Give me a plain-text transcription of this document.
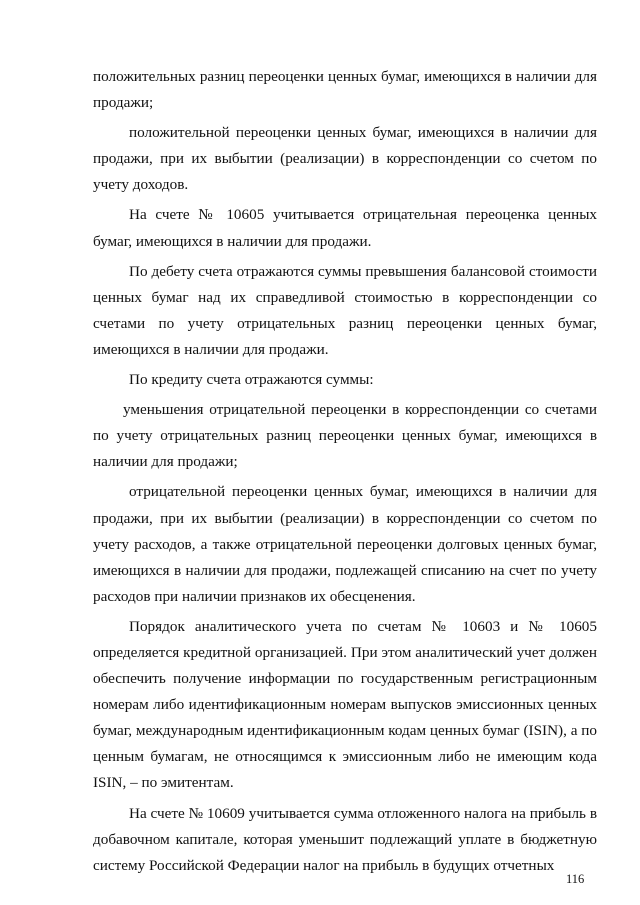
положительных разниц переоценки ценных бумаг, имеющихся в наличии для продажи;

положительной переоценки ценных бумаг, имеющихся в наличии для продажи, при их выбытии (реализации) в корреспонденции со счетом по учету доходов.

На счете № 10605 учитывается отрицательная переоценка ценных бумаг, имеющихся в наличии для продажи.

По дебету счета отражаются суммы превышения балансовой стоимости ценных бумаг над их справедливой стоимостью в корреспонденции со счетами по учету отрицательных разниц переоценки ценных бумаг, имеющихся в наличии для продажи.

По кредиту счета отражаются суммы:

уменьшения отрицательной переоценки в корреспонденции со счетами по учету отрицательных разниц переоценки ценных бумаг, имеющихся в наличии для продажи;

отрицательной переоценки ценных бумаг, имеющихся в наличии для продажи, при их выбытии (реализации) в корреспонденции со счетом по учету расходов, а также отрицательной переоценки долговых ценных бумаг, имеющихся в наличии для продажи, подлежащей списанию на счет по учету расходов при наличии признаков их обесценения.

Порядок аналитического учета по счетам № 10603 и № 10605 определяется кредитной организацией. При этом аналитический учет должен обеспечить получение информации по государственным регистрационным номерам либо идентификационным номерам выпусков эмиссионных ценных бумаг, международным идентификационным кодам ценных бумаг (ISIN), а по ценным бумагам, не относящимся к эмиссионным либо не имеющим кода ISIN, – по эмитентам.

На счете № 10609 учитывается сумма отложенного налога на прибыль в добавочном капитале, которая уменьшит подлежащий уплате в бюджетную систему Российской Федерации налог на прибыль в будущих отчетных

116
